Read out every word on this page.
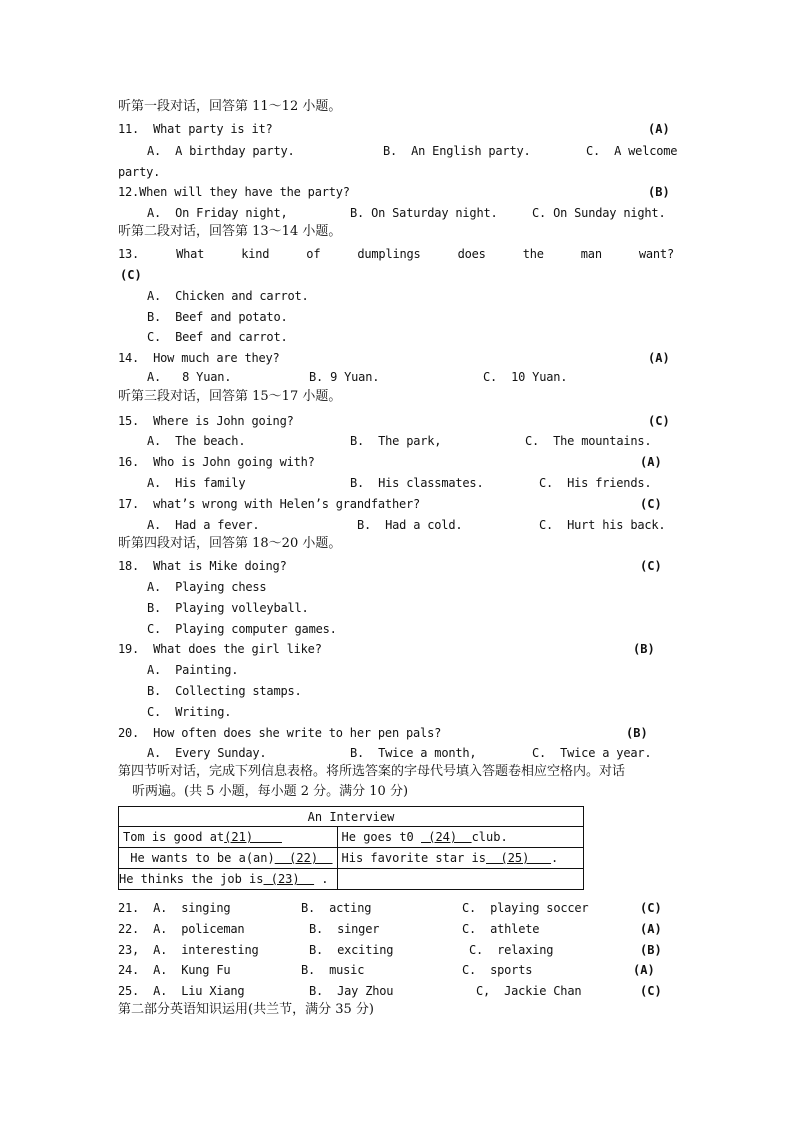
听第一段对话，回答第 11～12 小题。
11.  What party is it?	(A)
A.  A birthday party.	B.  An English party.	C.  A welcome
party.
12.When will they have the party?	(B)
A.  On Friday night,	B. On Saturday night.	C. On Sunday night.
听第二段对话，回答第 13～14 小题。
13.	What	kind	of	dumplings	does	the	man	want?
(C)
A.  Chicken and carrot.
B.  Beef and potato.
C.  Beef and carrot.
14.  How much are they?	(A)
A.   8 Yuan.	B. 9 Yuan.	C.  10 Yuan.
听第三段对话，回答第 15～17 小题。
15.  Where is John going?	(C)
A.  The beach.	B.  The park,	C.  The mountains.
16.  Who is John going with?	(A)
A.  His family	B.  His classmates.	C.  His friends.
17.  what’s wrong with Helen’s grandfather?	(C)
A.  Had a fever.	B.  Had a cold.	C.  Hurt his back.
昕第四段对话，回答第 18～20 小题。
18.  What is Mike doing?	(C)
A.  Playing chess
B.  Playing volleyball.
C.  Playing computer games.
19.  What does the girl like?	(B)
A.  Painting.
B.  Collecting stamps.
C.  Writing.
20.  How often does she write to her pen pals?	(B)
A.  Every Sunday.	B.  Twice a month,	C.  Twice a year.
第四节听对话，完成下列信息表格。将所选答案的字母代号填入答题卷相应空格内。对话
听两遍。(共 5 小题，每小题 2 分。满分 10 分)
An Interview	
Tom is good at(21)	He goes t0  (24)  club.
He wants to be a(an)  (22)	His favorite star is  (25)   .
He thinks the job is (23)   .	
21.  A.  singing	B.  acting	C.  playing soccer	(C)
22.  A.  policeman	B.  singer	C.  athlete	(A)
23,  A.  interesting	B.  exciting	C.  relaxing	(B)
24.  A.  Kung Fu	B.  music	C.  sports	(A)
25.  A.  Liu Xiang	B.  Jay Zhou	C,  Jackie Chan	(C)
第二部分英语知识运用(共兰节，满分 35 分)
